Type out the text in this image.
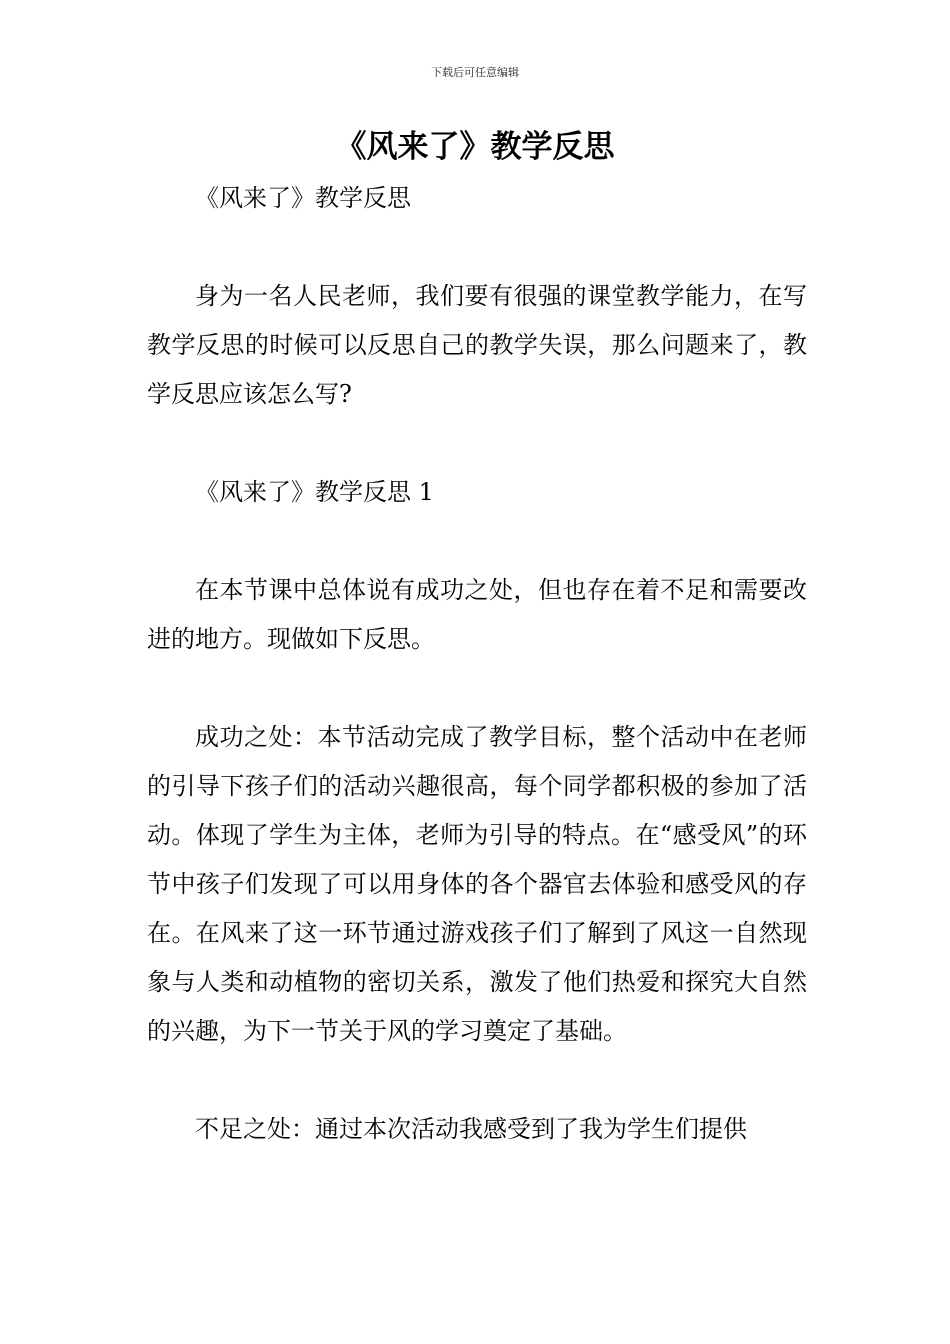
下载后可任意编辑
《风来了》教学反思

《风来了》教学反思

身为一名人民老师，我们要有很强的课堂教学能力，在写教学反思的时候可以反思自己的教学失误，那么问题来了，教学反思应该怎么写?

《风来了》教学反思 1

在本节课中总体说有成功之处，但也存在着不足和需要改进的地方。现做如下反思。

成功之处：本节活动完成了教学目标，整个活动中在老师的引导下孩子们的活动兴趣很高，每个同学都积极的参加了活动。体现了学生为主体，老师为引导的特点。在“感受风”的环节中孩子们发现了可以用身体的各个器官去体验和感受风的存在。在风来了这一环节通过游戏孩子们了解到了风这一自然现象与人类和动植物的密切关系，激发了他们热爱和探究大自然的兴趣，为下一节关于风的学习奠定了基础。

不足之处：通过本次活动我感受到了我为学生们提供
